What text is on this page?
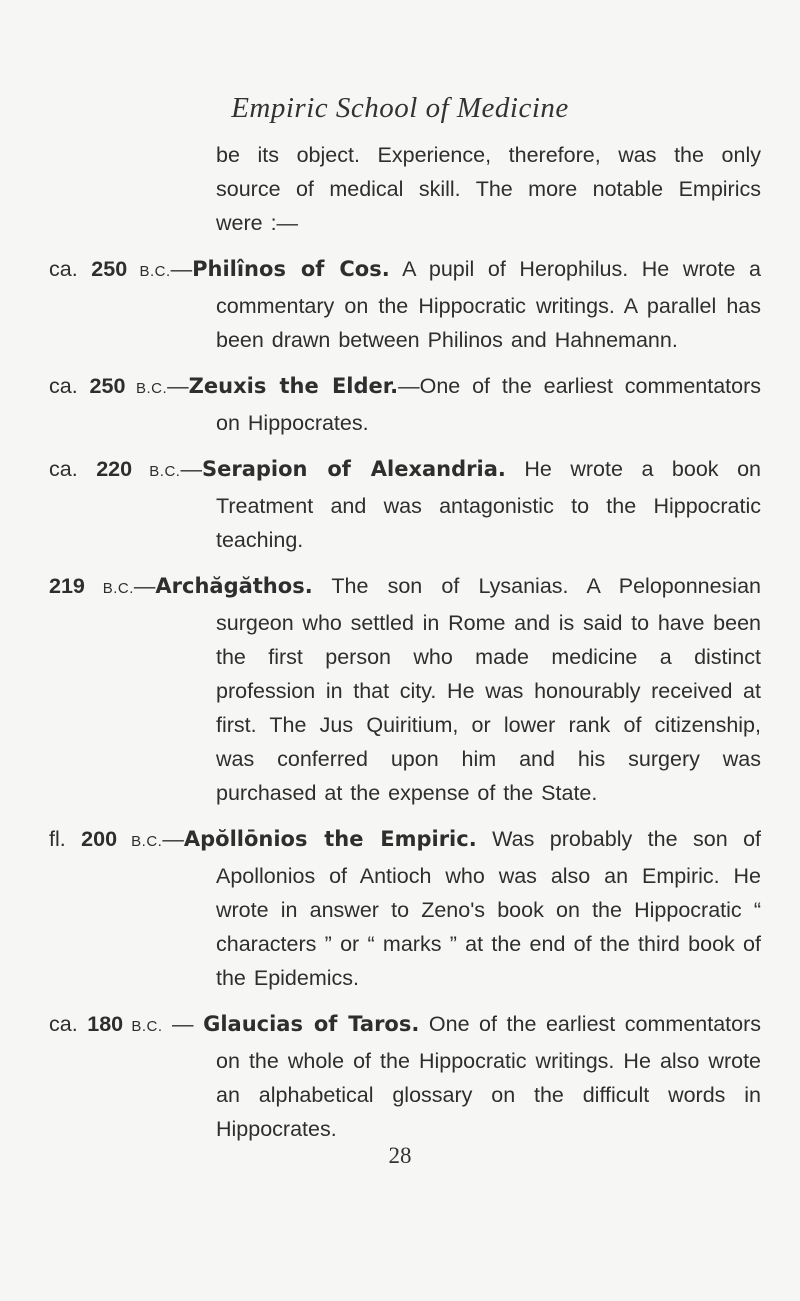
Empiric School of Medicine

be its object. Experience, therefore, was the only source of medical skill. The more notable Empirics were :—

ca. 250 B.C.—Philînos of Cos. A pupil of Herophilus. He wrote a commentary on the Hippocratic writings. A parallel has been drawn between Philinos and Hahnemann.

ca. 250 B.C.—Zeuxis the Elder.—One of the earliest commentators on Hippocrates.

ca. 220 B.C.—Serapion of Alexandria. He wrote a book on Treatment and was antagonistic to the Hippocratic teaching.

219 B.C.—Archăgăthos. The son of Lysanias. A Peloponnesian surgeon who settled in Rome and is said to have been the first person who made medicine a distinct profession in that city. He was honourably received at first. The Jus Quiritium, or lower rank of citizenship, was conferred upon him and his surgery was purchased at the expense of the State.

fl. 200 B.C.—Apŏllōnios the Empiric. Was probably the son of Apollonios of Antioch who was also an Empiric. He wrote in answer to Zeno's book on the Hippocratic “ characters ” or “ marks ” at the end of the third book of the Epidemics.

ca. 180 B.C. — Glaucias of Taros. One of the earliest commentators on the whole of the Hippocratic writings. He also wrote an alphabetical glossary on the difficult words in Hippocrates.

28
